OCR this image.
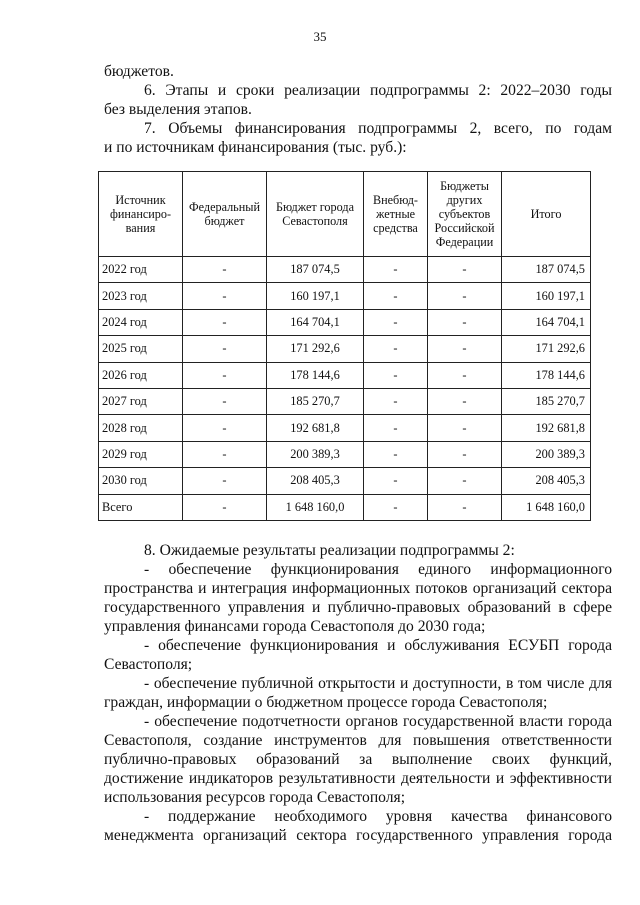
35

бюджетов.

6. Этапы и сроки реализации подпрограммы 2: 2022–2030 годы

без выделения этапов.

7. Объемы финансирования подпрограммы 2, всего, по годам

и по источникам финансирования (тыс. руб.):

Источник финансиро-вания	Федеральный бюджет	Бюджет города Севастополя	Внебюд-жетные средства	Бюджеты других субъектов Российской Федерации	Итого
2022 год	-	187 074,5	-	-	187 074,5
2023 год	-	160 197,1	-	-	160 197,1
2024 год	-	164 704,1	-	-	164 704,1
2025 год	-	171 292,6	-	-	171 292,6
2026 год	-	178 144,6	-	-	178 144,6
2027 год	-	185 270,7	-	-	185 270,7
2028 год	-	192 681,8	-	-	192 681,8
2029 год	-	200 389,3	-	-	200 389,3
2030 год	-	208 405,3	-	-	208 405,3
Всего	-	1 648 160,0	-	-	1 648 160,0

8. Ожидаемые результаты реализации подпрограммы 2:

- обеспечение функционирования единого информационного пространства и интеграция информационных потоков организаций сектора государственного управления и публично-правовых образований в сфере управления финансами города Севастополя до 2030 года;

- обеспечение функционирования и обслуживания ЕСУБП города Севастополя;

- обеспечение публичной открытости и доступности, в том числе для граждан, информации о бюджетном процессе города Севастополя;

- обеспечение подотчетности органов государственной власти города Севастополя, создание инструментов для повышения ответственности публично-правовых образований за выполнение своих функций, достижение индикаторов результативности деятельности и эффективности использования ресурсов города Севастополя;

- поддержание необходимого уровня качества финансового менеджмента организаций сектора государственного управления города
